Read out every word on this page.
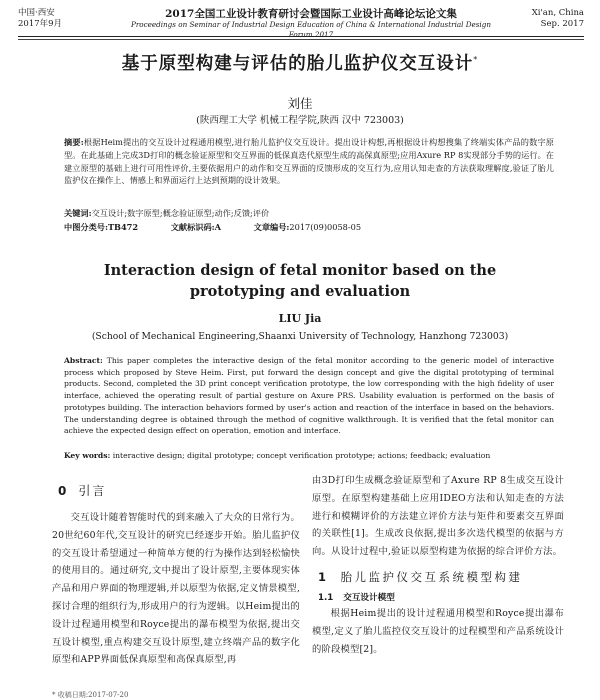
中国·西安
2017年9月
2017全国工业设计教育研讨会暨国际工业设计高峰论坛论文集
Proceedings on Seminar of Industrial Design Education of China & International Industrial Design Forum 2017
Xi'an, China
Sep. 2017
基于原型构建与评估的胎儿监护仪交互设计*
刘佳
(陕西理工大学 机械工程学院,陕西 汉中 723003)
摘要:根据Heim提出的交互设计过程通用模型,进行胎儿监护仪交互设计。提出设计构想,再根据设计构想搜集了终端实体产品的数字原型。在此基础上完成3D打印的概念验证原型和交互界面的低保真迭代原型生成的高保真原型;应用Axure RP 8实现部分手势的运行。在建立原型的基础上进行可用性评价,主要依据用户的动作和交互界面的反馈形成的交互行为,应用认知走查的方法获取理解度,验证了胎儿监护仪在操作上、情感上和界面运行上达到预期的设计效果。
关键词:交互设计;数字原型;概念验证原型;动作;反馈;评价
中图分类号:TB472	文献标识码:A	文章编号:2017(09)0058-05
Interaction design of fetal monitor based on the prototyping and evaluation
LIU Jia
(School of Mechanical Engineering,Shaanxi University of Technology, Hanzhong 723003)
Abstract: This paper completes the interactive design of the fetal monitor according to the generic model of interactive process which proposed by Steve Heim. First, put forward the design concept and give the digital prototyping of terminal products. Second, completed the 3D print concept verification prototype, the low corresponding with the high fidelity of user interface, achieved the operating result of partial gesture on Axure PRS. Usability evaluation is performed on the basis of prototypes building. The interaction behaviors formed by user's action and reaction of the interface in based on the behaviors. The understanding degree is obtained through the method of cognitive walkthrough. It is verified that the fetal monitor can achieve the expected design effect on operation, emotion and interface.
Key words: interactive design; digital prototype; concept verification prototype; actions; feedback; evaluation
0 引言

交互设计随着智能时代的到来融入了大众的日常行为。20世纪60年代,交互设计的研究已经逐步开始。胎儿监护仪的交互设计希望通过一种简单方便的行为操作达到轻松愉快的使用目的。通过研究,文中提出了设计原型,主要体现实体产品和用户界面的物理逻辑,并以原型为依据,定义情景模型,探讨合理的组织行为,形成用户的行为逻辑。以Heim提出的设计过程通用模型和Royce提出的瀑布模型为依据,提出交互设计模型,重点构建交互设计原型,建立终端产品的数字化原型和APP界面低保真原型和高保真原型,再

由3D打印生成概念验证原型和了Axure RP 8生成交互设计原型。在原型构建基础上应用IDEO方法和认知走查的方法进行和模糊评价的方法建立评价方法与矩件和要素交互界面的关联性[1]。生成改良依据,提出多次迭代模型的依据与方向。从设计过程中,验证以原型构建为依据的综合评价方法。

1 胎儿监护仪交互系统模型构建
1.1 交互设计模型

根据Heim提出的设计过程通用模型和Royce提出瀑布模型,定义了胎儿监控仪交互设计的过程模型和产品系统设计的阶段模型[2]。

* 收稿日期:2017-07-20
